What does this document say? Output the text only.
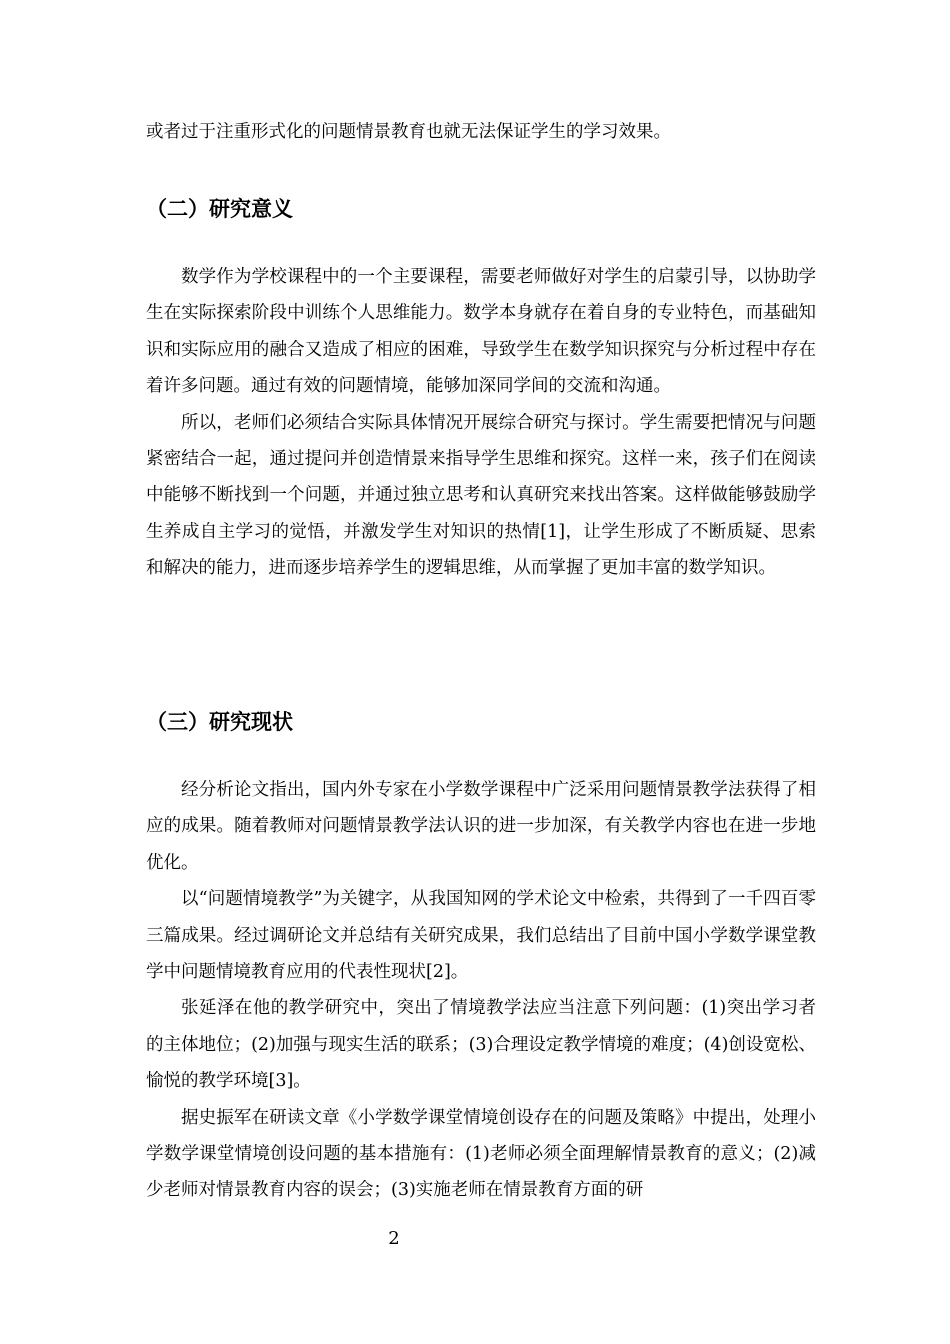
或者过于注重形式化的问题情景教育也就无法保证学生的学习效果。

（二）研究意义

数学作为学校课程中的一个主要课程，需要老师做好对学生的启蒙引导，以协助学生在实际探索阶段中训练个人思维能力。数学本身就存在着自身的专业特色，而基础知识和实际应用的融合又造成了相应的困难，导致学生在数学知识探究与分析过程中存在着许多问题。通过有效的问题情境，能够加深同学间的交流和沟通。

所以，老师们必须结合实际具体情况开展综合研究与探讨。学生需要把情况与问题紧密结合一起，通过提问并创造情景来指导学生思维和探究。这样一来，孩子们在阅读中能够不断找到一个问题，并通过独立思考和认真研究来找出答案。这样做能够鼓励学生养成自主学习的觉悟，并激发学生对知识的热情[1]，让学生形成了不断质疑、思索和解决的能力，进而逐步培养学生的逻辑思维，从而掌握了更加丰富的数学知识。

（三）研究现状

经分析论文指出，国内外专家在小学数学课程中广泛采用问题情景教学法获得了相应的成果。随着教师对问题情景教学法认识的进一步加深，有关教学内容也在进一步地优化。

以“问题情境教学”为关键字，从我国知网的学术论文中检索，共得到了一千四百零三篇成果。经过调研论文并总结有关研究成果，我们总结出了目前中国小学数学课堂教学中问题情境教育应用的代表性现状[2]。

张延泽在他的教学研究中，突出了情境教学法应当注意下列问题：(1)突出学习者的主体地位；(2)加强与现实生活的联系；(3)合理设定教学情境的难度；(4)创设宽松、愉悦的教学环境[3]。

据史振军在研读文章《小学数学课堂情境创设存在的问题及策略》中提出，处理小学数学课堂情境创设问题的基本措施有：(1)老师必须全面理解情景教育的意义；(2)减少老师对情景教育内容的误会；(3)实施老师在情景教育方面的研

2
